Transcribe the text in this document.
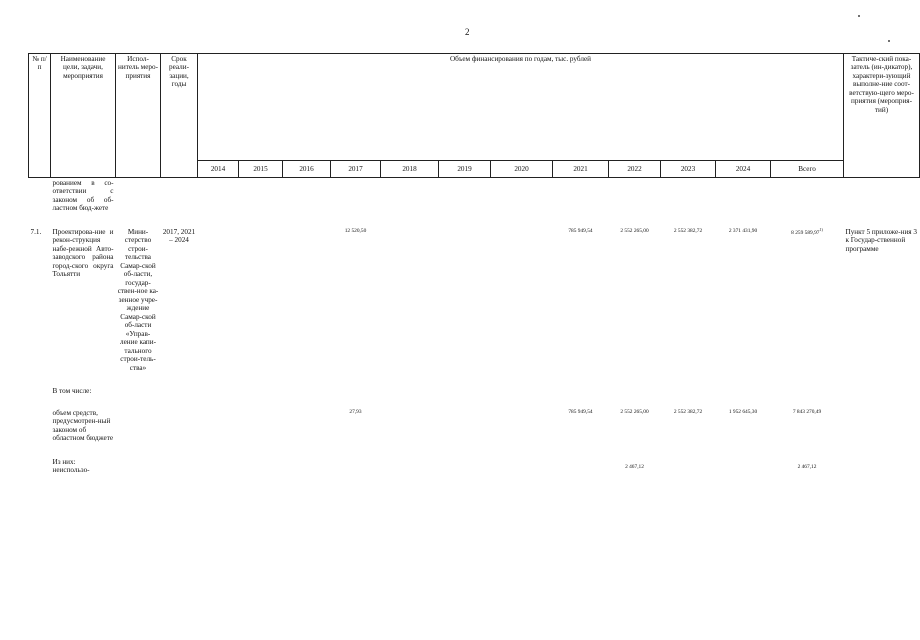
2
№ п/п	Наименование цели, задачи, мероприятия	Испол-нитель меро-приятия	Срок реали-зации, годы	Объем финансирования по годам, тыс. рублей												Тактиче-ский пока-затель (ин-дикатор), характери-зующий выполне-ние соот-ветствую-щего меро-приятия (мероприя-тий)
				2014	2015	2016	2017	2018	2019	2020	2021	2022	2023	2024	Всего	
	рованием в со-ответствии с законом об об-ластном бюд-жете															
7.1.	Проектирова-ние и рекон-струкция набе-режной Авто-заводского района город-ского округа Тольятти	Мини-стерство строи-тельства Самар-ской об-ласти, государ-ствен-ное ка-зенное учре-ждение Самар-ской об-ласти «Управ-ление капи-тального строи-тель-ства»	2017, 2021 – 2024				12 520,50				785 949,54	2 552 265,00	2 552 382,72	2 371 431,90	8 259 589,97$^{1)}$	Пункт 5 приложе-ния 3 к Государ-ственной программе
	В том числе:															
	объем средств, предусмотрен-ный законом об областном бюджете						27,93				785 949,54	2 552 265,00	2 552 382,72	1 952 645,30	7 843 270,49	
	Из них: неиспользо-											2 467,12			2 467,12	
